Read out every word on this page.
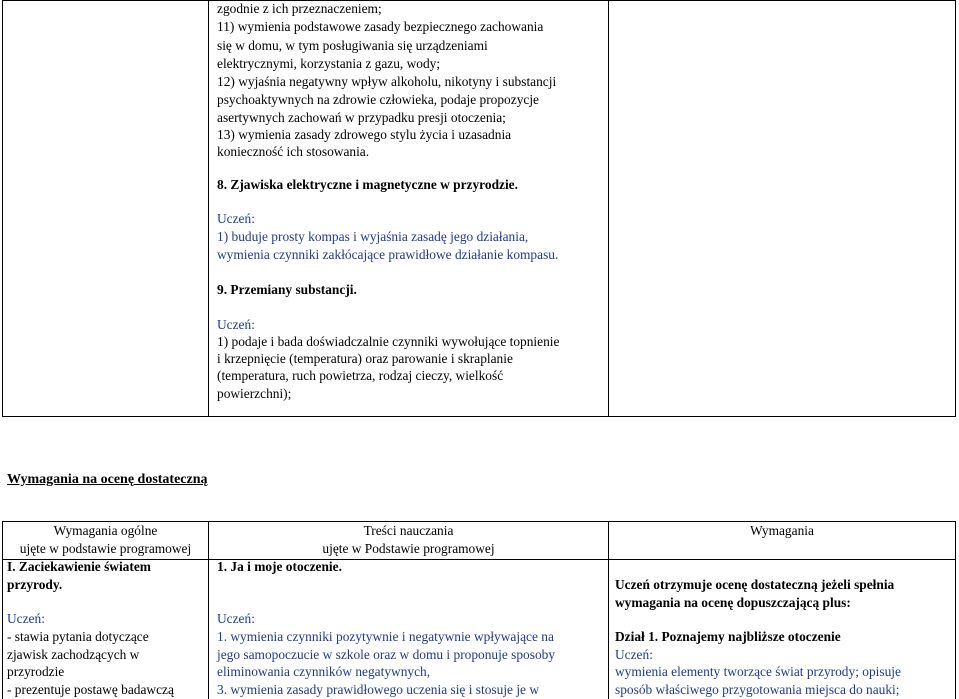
zgodnie z ich przeznaczeniem;
11) wymienia podstawowe zasady bezpiecznego zachowania
się w domu, w tym posługiwania się urządzeniami
elektrycznymi, korzystania z gazu, wody;
12) wyjaśnia negatywny wpływ alkoholu, nikotyny i substancji
psychoaktywnych na zdrowie człowieka, podaje propozycje
asertywnych zachowań w przypadku presji otoczenia;
13) wymienia zasady zdrowego stylu życia i uzasadnia
konieczność ich stosowania.
8. Zjawiska elektryczne i magnetyczne w przyrodzie.
Uczeń:
1) buduje prosty kompas i wyjaśnia zasadę jego działania,
wymienia czynniki zakłócające prawidłowe działanie kompasu.
9. Przemiany substancji.
Uczeń:
1) podaje i bada doświadczalnie czynniki wywołujące topnienie
i krzepnięcie (temperatura) oraz parowanie i skraplanie
(temperatura, ruch powietrza, rodzaj cieczy, wielkość
powierzchni);
Wymagania na ocenę dostateczną
Wymagania ogólne
ujęte w podstawie programowej
Treści nauczania
ujęte w Podstawie programowej
Wymagania
I. Zaciekawienie światem
przyrody.
Uczeń:
- stawia pytania dotyczące
zjawisk zachodzących w
przyrodzie
- prezentuje postawę badawczą
1. Ja i moje otoczenie.
Uczeń:
1. wymienia czynniki pozytywnie i negatywnie wpływające na
jego samopoczucie w szkole oraz w domu i proponuje sposoby
eliminowania czynników negatywnych,
3. wymienia zasady prawidłowego uczenia się i stosuje je w
Uczeń otrzymuje ocenę dostateczną jeżeli spełnia
wymagania na ocenę dopuszczającą plus:
Dział 1. Poznajemy najbliższe otoczenie
Uczeń:
wymienia elementy tworzące świat przyrody; opisuje
sposób właściwego przygotowania miejsca do nauki;
